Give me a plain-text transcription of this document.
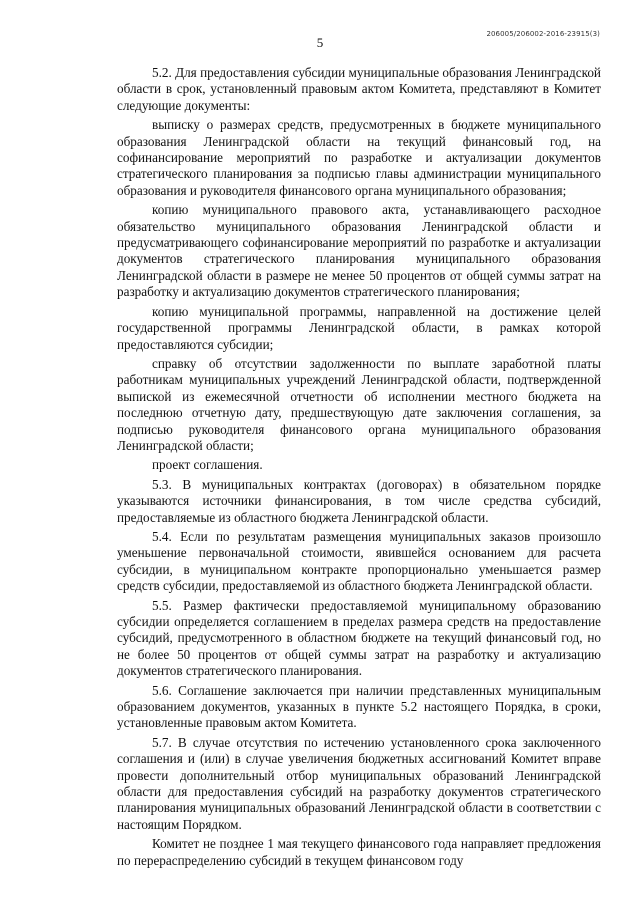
206005/206002-2016-23915(3)
5

5.2. Для предоставления субсидии муниципальные образования Ленинградской области в срок, установленный правовым актом Комитета, представляют в Комитет следующие документы:

выписку о размерах средств, предусмотренных в бюджете муниципального образования Ленинградской области на текущий финансовый год, на софинансирование мероприятий по разработке и актуализации документов стратегического планирования за подписью главы администрации муниципального образования и руководителя финансового органа муниципального образования;

копию муниципального правового акта, устанавливающего расходное обязательство муниципального образования Ленинградской области и предусматривающего софинансирование мероприятий по разработке и актуализации документов стратегического планирования муниципального образования Ленинградской области в размере не менее 50 процентов от общей суммы затрат на разработку и актуализацию документов стратегического планирования;

копию муниципальной программы, направленной на достижение целей государственной программы Ленинградской области, в рамках которой предоставляются субсидии;

справку об отсутствии задолженности по выплате заработной платы работникам муниципальных учреждений Ленинградской области, подтвержденной выпиской из ежемесячной отчетности об исполнении местного бюджета на последнюю отчетную дату, предшествующую дате заключения соглашения, за подписью руководителя финансового органа муниципального образования Ленинградской области;

проект соглашения.

5.3. В муниципальных контрактах (договорах) в обязательном порядке указываются источники финансирования, в том числе средства субсидий, предоставляемые из областного бюджета Ленинградской области.

5.4. Если по результатам размещения муниципальных заказов произошло уменьшение первоначальной стоимости, явившейся основанием для расчета субсидии, в муниципальном контракте пропорционально уменьшается размер средств субсидии, предоставляемой из областного бюджета Ленинградской области.

5.5. Размер фактически предоставляемой муниципальному образованию субсидии определяется соглашением в пределах размера средств на предоставление субсидий, предусмотренного в областном бюджете на текущий финансовый год, но не более 50 процентов от общей суммы затрат на разработку и актуализацию документов стратегического планирования.

5.6. Соглашение заключается при наличии представленных муниципальным образованием документов, указанных в пункте 5.2 настоящего Порядка, в сроки, установленные правовым актом Комитета.

5.7. В случае отсутствия по истечению установленного срока заключенного соглашения и (или) в случае увеличения бюджетных ассигнований Комитет вправе провести дополнительный отбор муниципальных образований Ленинградской области для предоставления субсидий на разработку документов стратегического планирования муниципальных образований Ленинградской области в соответствии с настоящим Порядком.

Комитет не позднее 1 мая текущего финансового года направляет предложения по перераспределению субсидий в текущем финансовом году
